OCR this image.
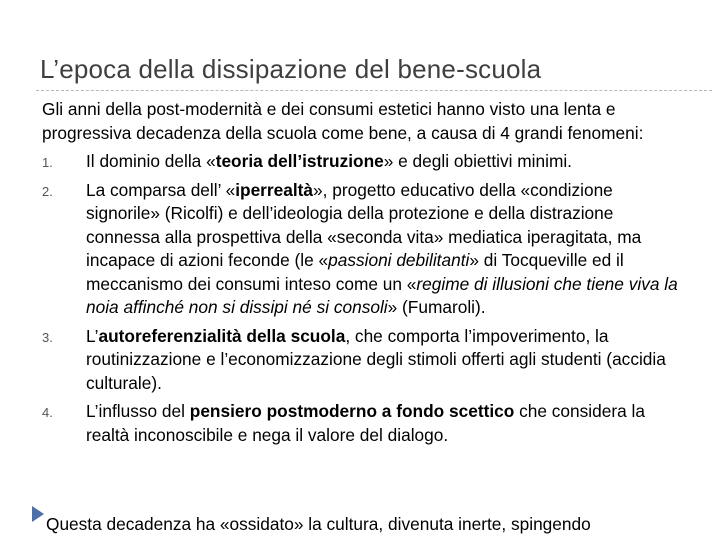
L’epoca della dissipazione del bene-scuola

Gli anni della post-modernità e dei consumi estetici hanno visto una lenta e progressiva decadenza della scuola come bene, a causa di 4 grandi fenomeni:

1. Il dominio della «teoria dell’istruzione» e degli obiettivi minimi.
2. La comparsa dell’ «iperrealtà», progetto educativo della «condizione signorile» (Ricolfi) e dell’ideologia della protezione e della distrazione connessa alla prospettiva della «seconda vita» mediatica iperagitata, ma incapace di azioni feconde (le «passioni debilitanti» di Tocqueville ed il meccanismo dei consumi inteso come un «regime di illusioni che tiene viva la noia affinché non si dissipi né si consoli» (Fumaroli).
3. L’autoreferenzialità della scuola, che comporta l’impoverimento, la routinizzazione e l’economizzazione degli stimoli offerti agli studenti (accidia culturale).
4. L’influsso del pensiero postmoderno a fondo scettico che considera la realtà inconoscibile e nega il valore del dialogo.
Questa decadenza ha «ossidato» la cultura, divenuta inerte, spingendo
